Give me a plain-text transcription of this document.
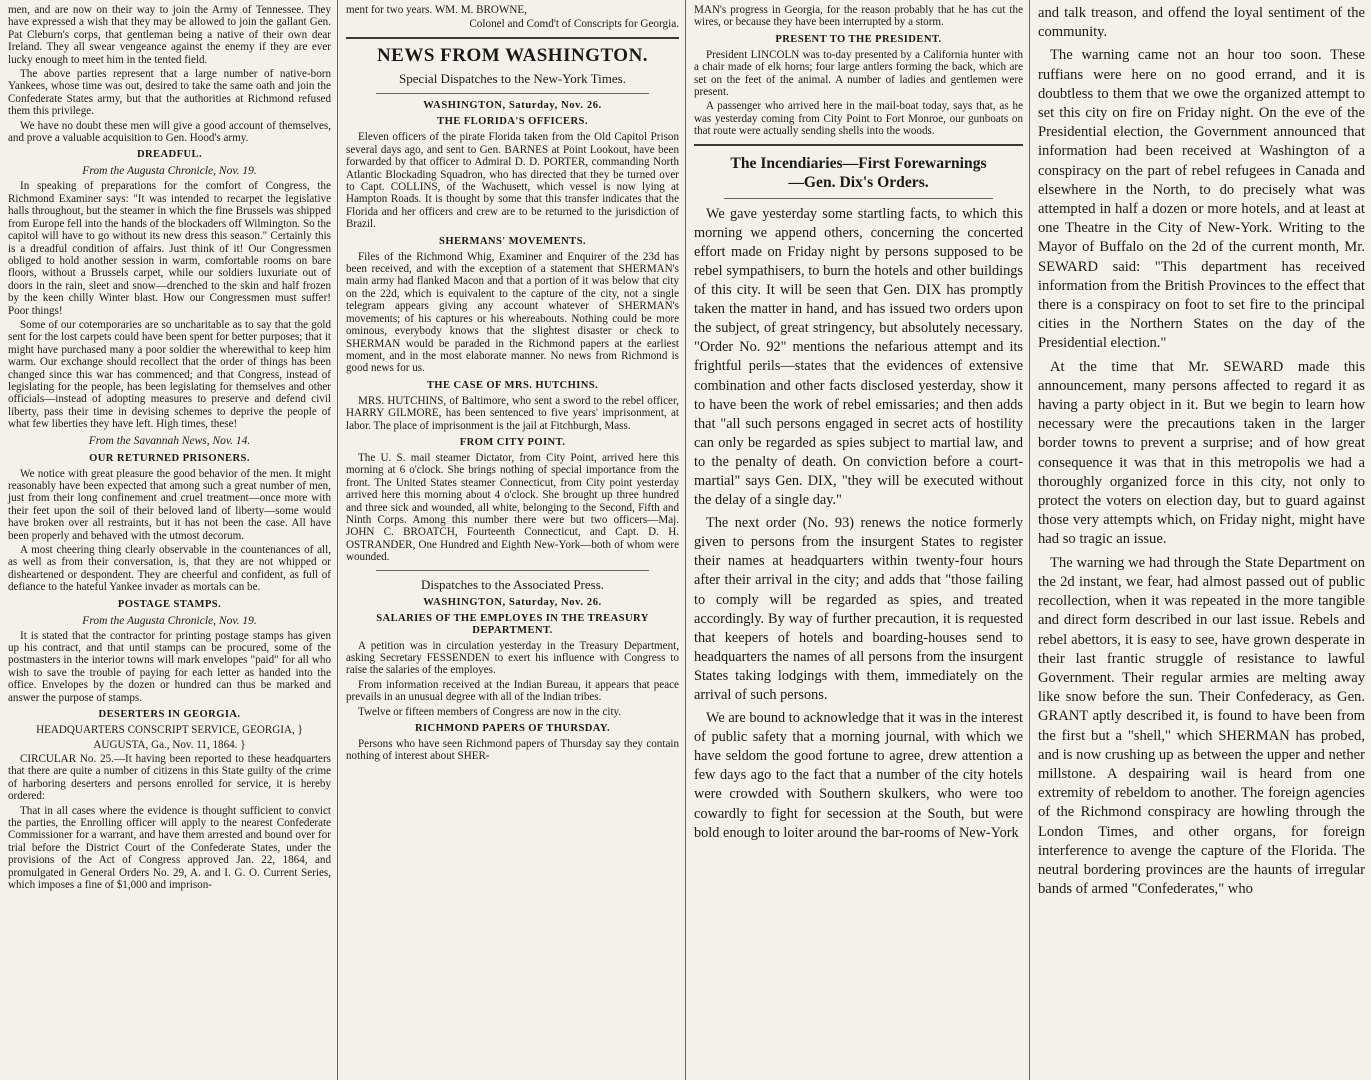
men, and are now on their way to join the Army of Tennessee. They have expressed a wish that they may be allowed to join the gallant Gen. Pat Cleburn's corps, that gentleman being a native of their own dear Ireland. They all swear vengeance against the enemy if they are ever lucky enough to meet him in the tented field.

The above parties represent that a large number of native-born Yankees, whose time was out, desired to take the same oath and join the Confederate States army, but that the authorities at Richmond refused them this privilege.

We have no doubt these men will give a good account of themselves, and prove a valuable acquisition to Gen. Hood's army.

DREADFUL.
From the Augusta Chronicle, Nov. 19.

In speaking of preparations for the comfort of Congress, the Richmond Examiner says: "It was intended to recarpet the legislative halls throughout, but the steamer in which the fine Brussels was shipped from Europe fell into the hands of the blockaders off Wilmington. So the capitol will have to go without its new dress this season." Certainly this is a dreadful condition of affairs. Just think of it! Our Congressmen obliged to hold another session in warm, comfortable rooms on bare floors, without a Brussels carpet, while our soldiers luxuriate out of doors in the rain, sleet and snow—drenched to the skin and half frozen by the keen chilly Winter blast. How our Congressmen must suffer! Poor things!

Some of our cotemporaries are so uncharitable as to say that the gold sent for the lost carpets could have been spent for better purposes; that it might have purchased many a poor soldier the wherewithal to keep him warm. Our exchange should recollect that the order of things has been changed since this war has commenced; and that Congress, instead of legislating for the people, has been legislating for themselves and other officials—instead of adopting measures to preserve and defend civil liberty, pass their time in devising schemes to deprive the people of what few liberties they have left. High times, these!

From the Savannah News, Nov. 14.
OUR RETURNED PRISONERS.

We notice with great pleasure the good behavior of the men. It might reasonably have been expected that among such a great number of men, just from their long confinement and cruel treatment—once more with their feet upon the soil of their beloved land of liberty—some would have broken over all restraints, but it has not been the case. All have been properly and behaved with the utmost decorum.

A most cheering thing clearly observable in the countenances of all, as well as from their conversation, is, that they are not whipped or disheartened or despondent. They are cheerful and confident, as full of defiance to the hateful Yankee invader as mortals can be.

POSTAGE STAMPS.
From the Augusta Chronicle, Nov. 19.

It is stated that the contractor for printing postage stamps has given up his contract, and that until stamps can be procured, some of the postmasters in the interior towns will mark envelopes "paid" for all who wish to save the trouble of paying for each letter as handed into the office. Envelopes by the dozen or hundred can thus be marked and answer the purpose of stamps.

DESERTERS IN GEORGIA.
HEADQUARTERS CONSCRIPT SERVICE, GEORGIA, }
AUGUSTA, Ga., Nov. 11, 1864. }

CIRCULAR No. 25.—It having been reported to these headquarters that there are quite a number of citizens in this State guilty of the crime of harboring deserters and persons enrolled for service, it is hereby ordered:

That in all cases where the evidence is thought sufficient to convict the parties, the Enrolling officer will apply to the nearest Confederate Commissioner for a warrant, and have them arrested and bound over for trial before the District Court of the Confederate States, under the provisions of the Act of Congress approved Jan. 22, 1864, and promulgated in General Orders No. 29, A. and I. G. O. Current Series, which imposes a fine of $1,000 and imprison-

ment for two years. WM. M. BROWNE,

Colonel and Comd't of Conscripts for Georgia.
NEWS FROM WASHINGTON.
Special Dispatches to the New-York Times.
WASHINGTON, Saturday, Nov. 26.
THE FLORIDA'S OFFICERS.

Eleven officers of the pirate Florida taken from the Old Capitol Prison several days ago, and sent to Gen. BARNES at Point Lookout, have been forwarded by that officer to Admiral D. D. PORTER, commanding North Atlantic Blockading Squadron, who has directed that they be turned over to Capt. COLLINS, of the Wachusett, which vessel is now lying at Hampton Roads. It is thought by some that this transfer indicates that the Florida and her officers and crew are to be returned to the jurisdiction of Brazil.

SHERMANS' MOVEMENTS.

Files of the Richmond Whig, Examiner and Enquirer of the 23d has been received, and with the exception of a statement that SHERMAN's main army had flanked Macon and that a portion of it was below that city on the 22d, which is equivalent to the capture of the city, not a single telegram appears giving any account whatever of SHERMAN's movements; of his captures or his whereabouts. Nothing could be more ominous, everybody knows that the slightest disaster or check to SHERMAN would be paraded in the Richmond papers at the earliest moment, and in the most elaborate manner. No news from Richmond is good news for us.

THE CASE OF MRS. HUTCHINS.

MRS. HUTCHINS, of Baltimore, who sent a sword to the rebel officer, HARRY GILMORE, has been sentenced to five years' imprisonment, at labor. The place of imprisonment is the jail at Fitchburgh, Mass.

FROM CITY POINT.

The U. S. mail steamer Dictator, from City Point, arrived here this morning at 6 o'clock. She brings nothing of special importance from the front. The United States steamer Connecticut, from City point yesterday arrived here this morning about 4 o'clock. She brought up three hundred and three sick and wounded, all white, belonging to the Second, Fifth and Ninth Corps. Among this number there were but two officers—Maj. JOHN C. BROATCH, Fourteenth Connecticut, and Capt. D. H. OSTRANDER, One Hundred and Eighth New-York—both of whom were wounded.

Dispatches to the Associated Press.
WASHINGTON, Saturday, Nov. 26.
SALARIES OF THE EMPLOYES IN THE TREASURY DEPARTMENT.

A petition was in circulation yesterday in the Treasury Department, asking Secretary FESSENDEN to exert his influence with Congress to raise the salaries of the employes.

From information received at the Indian Bureau, it appears that peace prevails in an unusual degree with all of the Indian tribes.

Twelve or fifteen members of Congress are now in the city.

RICHMOND PAPERS OF THURSDAY.

Persons who have seen Richmond papers of Thursday say they contain nothing of interest about SHER-

MAN's progress in Georgia, for the reason probably that he has cut the wires, or because they have been interrupted by a storm.

PRESENT TO THE PRESIDENT.

President LINCOLN was to-day presented by a California hunter with a chair made of elk horns; four large antlers forming the back, which are set on the feet of the animal. A number of ladies and gentlemen were present.

A passenger who arrived here in the mail-boat today, says that, as he was yesterday coming from City Point to Fort Monroe, our gunboats on that route were actually sending shells into the woods.

The Incendiaries—First Forewarnings
—Gen. Dix's Orders.

We gave yesterday some startling facts, to which this morning we append others, concerning the concerted effort made on Friday night by persons supposed to be rebel sympathisers, to burn the hotels and other buildings of this city. It will be seen that Gen. DIX has promptly taken the matter in hand, and has issued two orders upon the subject, of great stringency, but absolutely necessary. "Order No. 92" mentions the nefarious attempt and its frightful perils—states that the evidences of extensive combination and other facts disclosed yesterday, show it to have been the work of rebel emissaries; and then adds that "all such persons engaged in secret acts of hostility can only be regarded as spies subject to martial law, and to the penalty of death. On conviction before a court-martial" says Gen. DIX, "they will be executed without the delay of a single day."

The next order (No. 93) renews the notice formerly given to persons from the insurgent States to register their names at headquarters within twenty-four hours after their arrival in the city; and adds that "those failing to comply will be regarded as spies, and treated accordingly. By way of further precaution, it is requested that keepers of hotels and boarding-houses send to headquarters the names of all persons from the insurgent States taking lodgings with them, immediately on the arrival of such persons.

We are bound to acknowledge that it was in the interest of public safety that a morning journal, with which we have seldom the good fortune to agree, drew attention a few days ago to the fact that a number of the city hotels were crowded with Southern skulkers, who were too cowardly to fight for secession at the South, but were bold enough to loiter around the bar-rooms of New-York

and talk treason, and offend the loyal sentiment of the community.

The warning came not an hour too soon. These ruffians were here on no good errand, and it is doubtless to them that we owe the organized attempt to set this city on fire on Friday night. On the eve of the Presidential election, the Government announced that information had been received at Washington of a conspiracy on the part of rebel refugees in Canada and elsewhere in the North, to do precisely what was attempted in half a dozen or more hotels, and at least at one Theatre in the City of New-York. Writing to the Mayor of Buffalo on the 2d of the current month, Mr. SEWARD said: "This department has received information from the British Provinces to the effect that there is a conspiracy on foot to set fire to the principal cities in the Northern States on the day of the Presidential election."

At the time that Mr. SEWARD made this announcement, many persons affected to regard it as having a party object in it. But we begin to learn how necessary were the precautions taken in the larger border towns to prevent a surprise; and of how great consequence it was that in this metropolis we had a thoroughly organized force in this city, not only to protect the voters on election day, but to guard against those very attempts which, on Friday night, might have had so tragic an issue.

The warning we had through the State Department on the 2d instant, we fear, had almost passed out of public recollection, when it was repeated in the more tangible and direct form described in our last issue. Rebels and rebel abettors, it is easy to see, have grown desperate in their last frantic struggle of resistance to lawful Government. Their regular armies are melting away like snow before the sun. Their Confederacy, as Gen. GRANT aptly described it, is found to have been from the first but a "shell," which SHERMAN has probed, and is now crushing up as between the upper and nether millstone. A despairing wail is heard from one extremity of rebeldom to another. The foreign agencies of the Richmond conspiracy are howling through the London Times, and other organs, for foreign interference to avenge the capture of the Florida. The neutral bordering provinces are the haunts of irregular bands of armed "Confederates," who
